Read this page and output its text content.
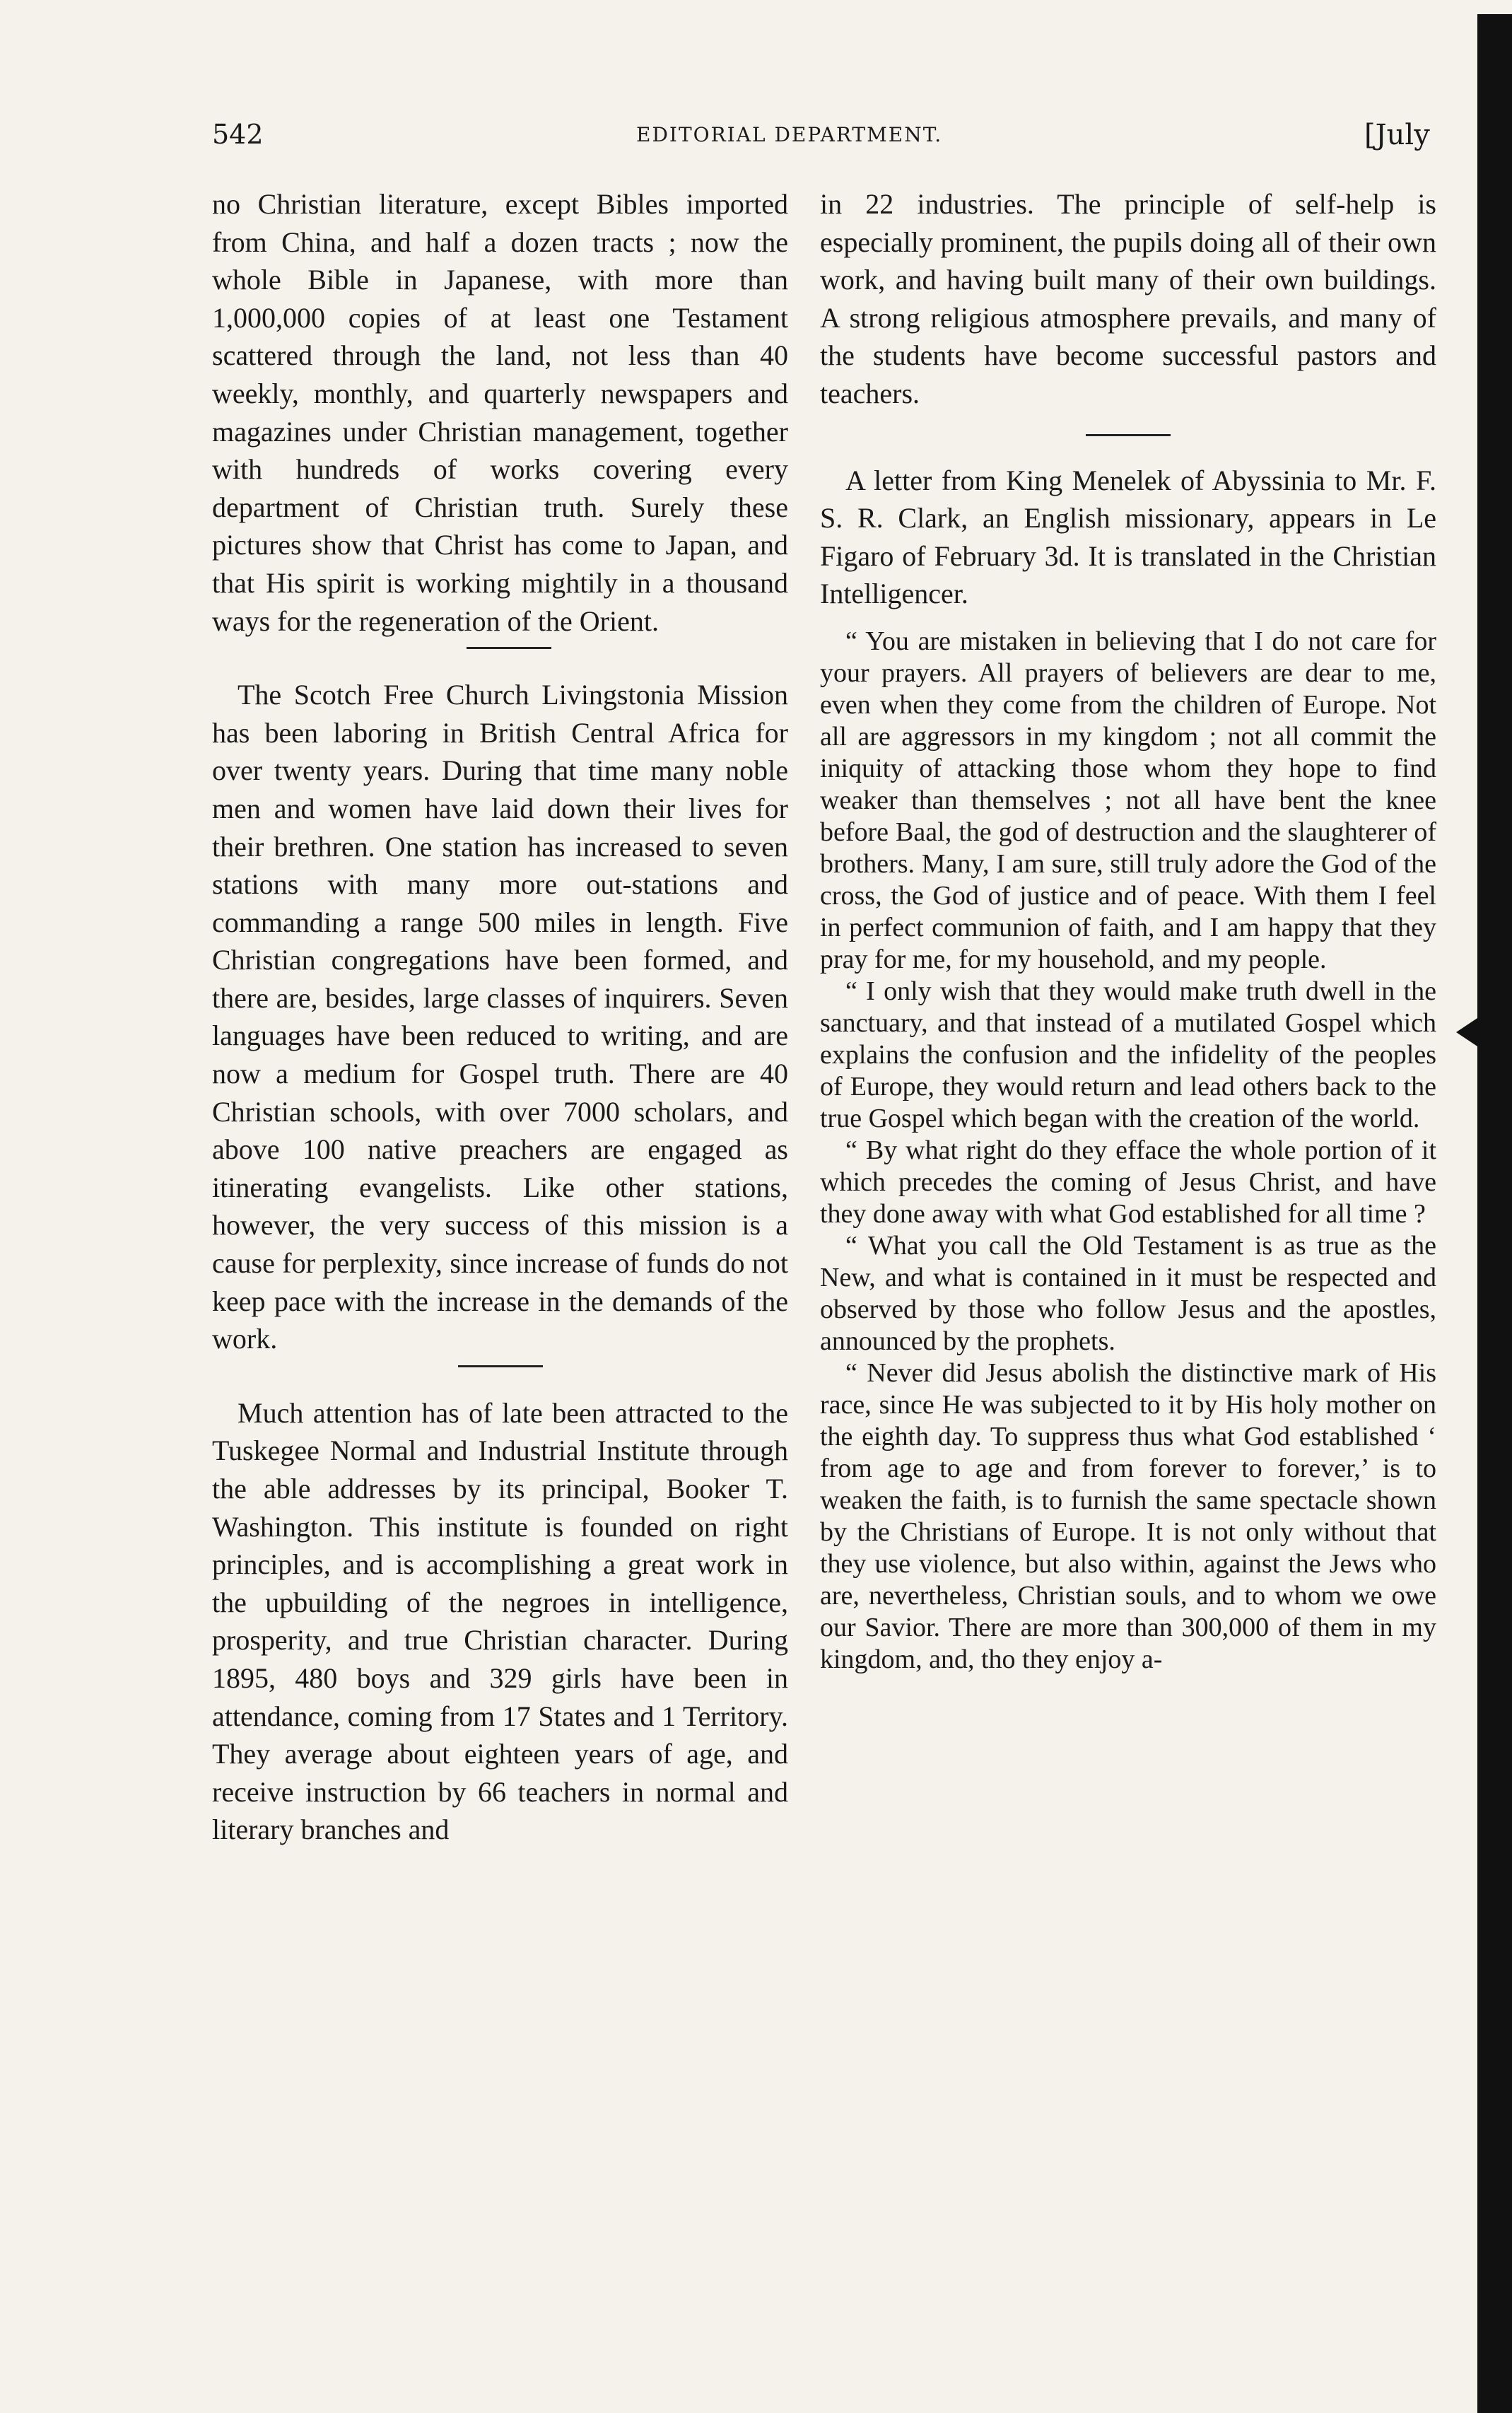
542	EDITORIAL DEPARTMENT.	[July

no Christian literature, except Bibles imported from China, and half a dozen tracts ; now the whole Bible in Japanese, with more than 1,000,000 copies of at least one Testament scattered through the land, not less than 40 weekly, monthly, and quarterly newspapers and magazines under Christian management, together with hundreds of works covering every department of Christian truth. Surely these pictures show that Christ has come to Japan, and that His spirit is working mightily in a thousand ways for the regeneration of the Orient.

The Scotch Free Church Livingstonia Mission has been laboring in British Central Africa for over twenty years. During that time many noble men and women have laid down their lives for their brethren. One station has increased to seven stations with many more out-stations and commanding a range 500 miles in length. Five Christian congregations have been formed, and there are, besides, large classes of inquirers. Seven languages have been reduced to writing, and are now a medium for Gospel truth. There are 40 Christian schools, with over 7000 scholars, and above 100 native preachers are engaged as itinerating evangelists. Like other stations, however, the very success of this mission is a cause for perplexity, since increase of funds do not keep pace with the increase in the demands of the work.

Much attention has of late been attracted to the Tuskegee Normal and Industrial Institute through the able addresses by its principal, Booker T. Washington. This institute is founded on right principles, and is accomplishing a great work in the upbuilding of the negroes in intelligence, prosperity, and true Christian character. During 1895, 480 boys and 329 girls have been in attendance, coming from 17 States and 1 Territory. They average about eighteen years of age, and receive instruction by 66 teachers in normal and literary branches and

in 22 industries. The principle of self-help is especially prominent, the pupils doing all of their own work, and having built many of their own buildings. A strong religious atmosphere prevails, and many of the students have become successful pastors and teachers.

A letter from King Menelek of Abyssinia to Mr. F. S. R. Clark, an English missionary, appears in Le Figaro of February 3d. It is translated in the Christian Intelligencer.

“ You are mistaken in believing that I do not care for your prayers. All prayers of believers are dear to me, even when they come from the children of Europe. Not all are aggressors in my kingdom ; not all commit the iniquity of attacking those whom they hope to find weaker than themselves ; not all have bent the knee before Baal, the god of destruction and the slaughterer of brothers. Many, I am sure, still truly adore the God of the cross, the God of justice and of peace. With them I feel in perfect communion of faith, and I am happy that they pray for me, for my household, and my people.

“ I only wish that they would make truth dwell in the sanctuary, and that instead of a mutilated Gospel which explains the confusion and the infidelity of the peoples of Europe, they would return and lead others back to the true Gospel which began with the creation of the world.

“ By what right do they efface the whole portion of it which precedes the coming of Jesus Christ, and have they done away with what God established for all time ?

“ What you call the Old Testament is as true as the New, and what is contained in it must be respected and observed by those who follow Jesus and the apostles, announced by the prophets.

“ Never did Jesus abolish the distinctive mark of His race, since He was subjected to it by His holy mother on the eighth day. To suppress thus what God established ‘ from age to age and from forever to forever,’ is to weaken the faith, is to furnish the same spectacle shown by the Christians of Europe. It is not only without that they use violence, but also within, against the Jews who are, nevertheless, Christian souls, and to whom we owe our Savior. There are more than 300,000 of them in my kingdom, and, tho they enjoy a-
